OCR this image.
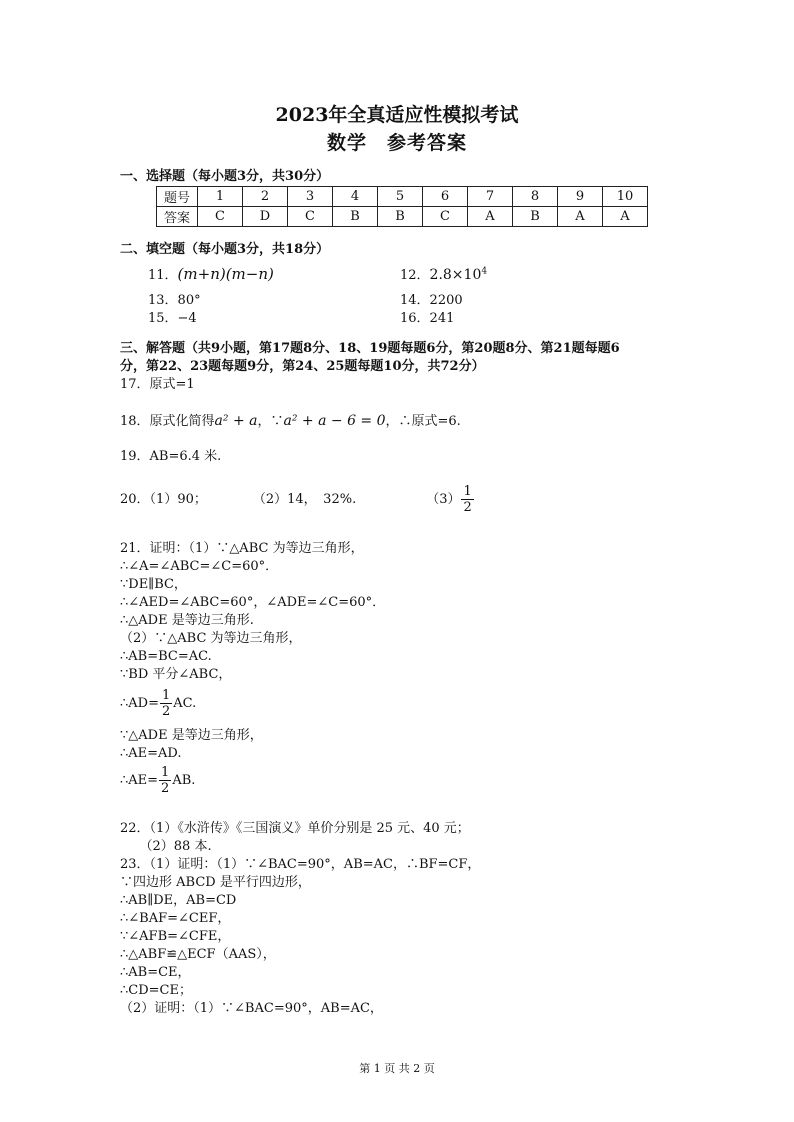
2023年全真适应性模拟考试
数学　参考答案
一、选择题（每小题3分，共30分）
题号	1	2	3	4	5	6	7	8	9	10
答案	C	D	C	B	B	C	A	B	A	A
二、填空题（每小题3分，共18分）
11．(m+n)(m−n)	12．$2.8\times 10^4$
13．80°	14．2200
15．−4	16．241
三、解答题（共9小题，第17题8分、18、19题每题6分，第20题8分、第21题每题6
分，第22、23题每题9分，第24、25题每题10分，共72分）
17．原式=1
18．原式化简得a² + a，∵a² + a − 6 = 0，∴原式=6.
19．AB=6.4 米.
20．（1）90；	（2）14，　32%.	$(3) \frac{1}{2}$
21．证明：（1）∵△ABC 为等边三角形，
∴∠A=∠ABC=∠C=60°．
∵DE∥BC，
∴∠AED=∠ABC=60°，∠ADE=∠C=60°．
∴△ADE 是等边三角形.
（2）∵△ABC 为等边三角形，
∴AB=BC=AC.
∵BD 平分∠ABC，
∴AD= $\frac{1}{2}$ AC.
∵△ADE 是等边三角形，
∴AE=AD.
∴AE= $\frac{1}{2}$ AB.
22．（1）《水浒传》《三国演义》单价分别是 25 元、40 元；
　　（2）88 本.
23．（1）证明：（1）∵∠BAC=90°，AB=AC，∴BF=CF，
∵四边形 ABCD 是平行四边形，
∴AB∥DE，AB=CD
∴∠BAF=∠CEF，
∵∠AFB=∠CFE，
∴△ABF≌△ECF（AAS），
∴AB=CE，
∴CD=CE；
（2）证明：（1）∵∠BAC=90°，AB=AC，
第 1 页 共 2 页
